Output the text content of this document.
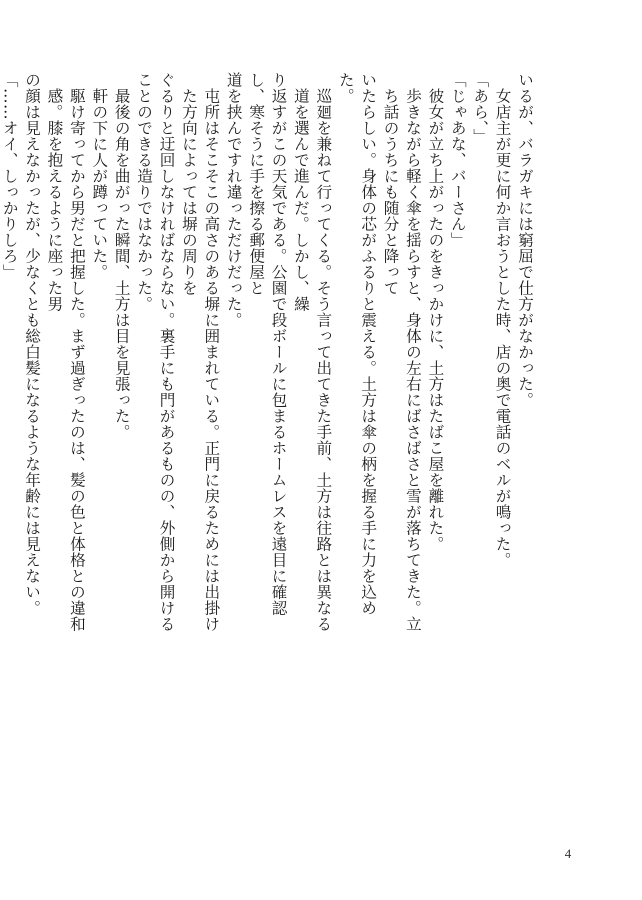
いるが、バラガキには窮屈で仕方がなかった。
女店主が更に何か言おうとした時、店の奥で電話のベルが鳴った。
「あら、」
「じゃあな、バーさん」
彼女が立ち上がったのをきっかけに、土方はたばこ屋を離れた。
歩きながら軽く傘を揺らすと、身体の左右にばさばさと雪が落ちてきた。立ち話のうちにも随分と降って
いたらしい。身体の芯がふるりと震える。土方は傘の柄を握る手に力を込めた。
巡廻を兼ねて行ってくる。そう言って出てきた手前、土方は往路とは異なる道を選んで進んだ。しかし、繰
り返すがこの天気である。公園で段ボールに包まるホームレスを遠目に確認し、寒そうに手を擦る郵便屋と
道を挟んですれ違っただけだった。
屯所はそこそこの高さのある塀に囲まれている。正門に戻るためには出掛けた方向によっては塀の周りを
ぐるりと迂回しなければならない。裏手にも門があるものの、外側から開けることのできる造りではなかった。
最後の角を曲がった瞬間、土方は目を見張った。
軒の下に人が蹲っていた。
駆け寄ってから男だと把握した。まず過ぎったのは、髪の色と体格との違和感。膝を抱えるように座った男
の顔は見えなかったが、少なくとも総白髪になるような年齢には見えない。
「……オイ、しっかりしろ」
4
